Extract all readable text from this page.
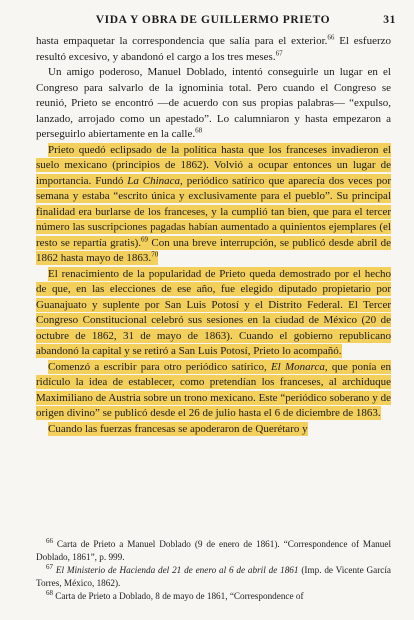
VIDA Y OBRA DE GUILLERMO PRIETO	31

hasta empaquetar la correspondencia que salía para el exterior.$^{66}$ El esfuerzo resultó excesivo, y abandonó el cargo a los tres meses.$^{67}$

Un amigo poderoso, Manuel Doblado, intentó conseguirle un lugar en el Congreso para salvarlo de la ignominia total. Pero cuando el Congreso se reunió, Prieto se encontró —de acuerdo con sus propias palabras— “expulso, lanzado, arrojado como un apestado”. Lo calumniaron y hasta empezaron a perseguirlo abiertamente en la calle.$^{68}$

Prieto quedó eclipsado de la política hasta que los franceses invadieron el suelo mexicano (principios de 1862). Volvió a ocupar entonces un lugar de importancia. Fundó La Chinaca, periódico satírico que aparecía dos veces por semana y estaba “escrito única y exclusivamente para el pueblo”. Su principal finalidad era burlarse de los franceses, y la cumplió tan bien, que para el tercer número las suscripciones pagadas habían aumentado a quinientos ejemplares (el resto se repartía gratis).$^{69}$ Con una breve interrupción, se publicó desde abril de 1862 hasta mayo de 1863.70

El renacimiento de la popularidad de Prieto queda demostrado por el hecho de que, en las elecciones de ese año, fue elegido diputado propietario por Guanajuato y suplente por San Luis Potosí y el Distrito Federal. El Tercer Congreso Constitucional celebró sus sesiones en la ciudad de México (20 de octubre de 1862, 31 de mayo de 1863). Cuando el gobierno republicano abandonó la capital y se retiró a San Luis Potosí, Prieto lo acompañó.

Comenzó a escribir para otro periódico satírico, El Monarca, que ponía en ridículo la idea de establecer, como pretendían los franceses, al archiduque Maximiliano de Austria sobre un trono mexicano. Este “periódico soberano y de origen divino” se publicó desde el 26 de julio hasta el 6 de diciembre de 1863.

Cuando las fuerzas francesas se apoderaron de Querétaro y

$^{66}$ Carta de Prieto a Manuel Doblado (9 de enero de 1861). “Correspondence of Manuel Doblado, 1861”, p. 999.

$^{67}$ El Ministerio de Hacienda del 21 de enero al 6 de abril de 1861 (Imp. de Vicente García Torres, México, 1862).

$^{68}$ Carta de Prieto a Doblado, 8 de mayo de 1861, “Correspondence of
